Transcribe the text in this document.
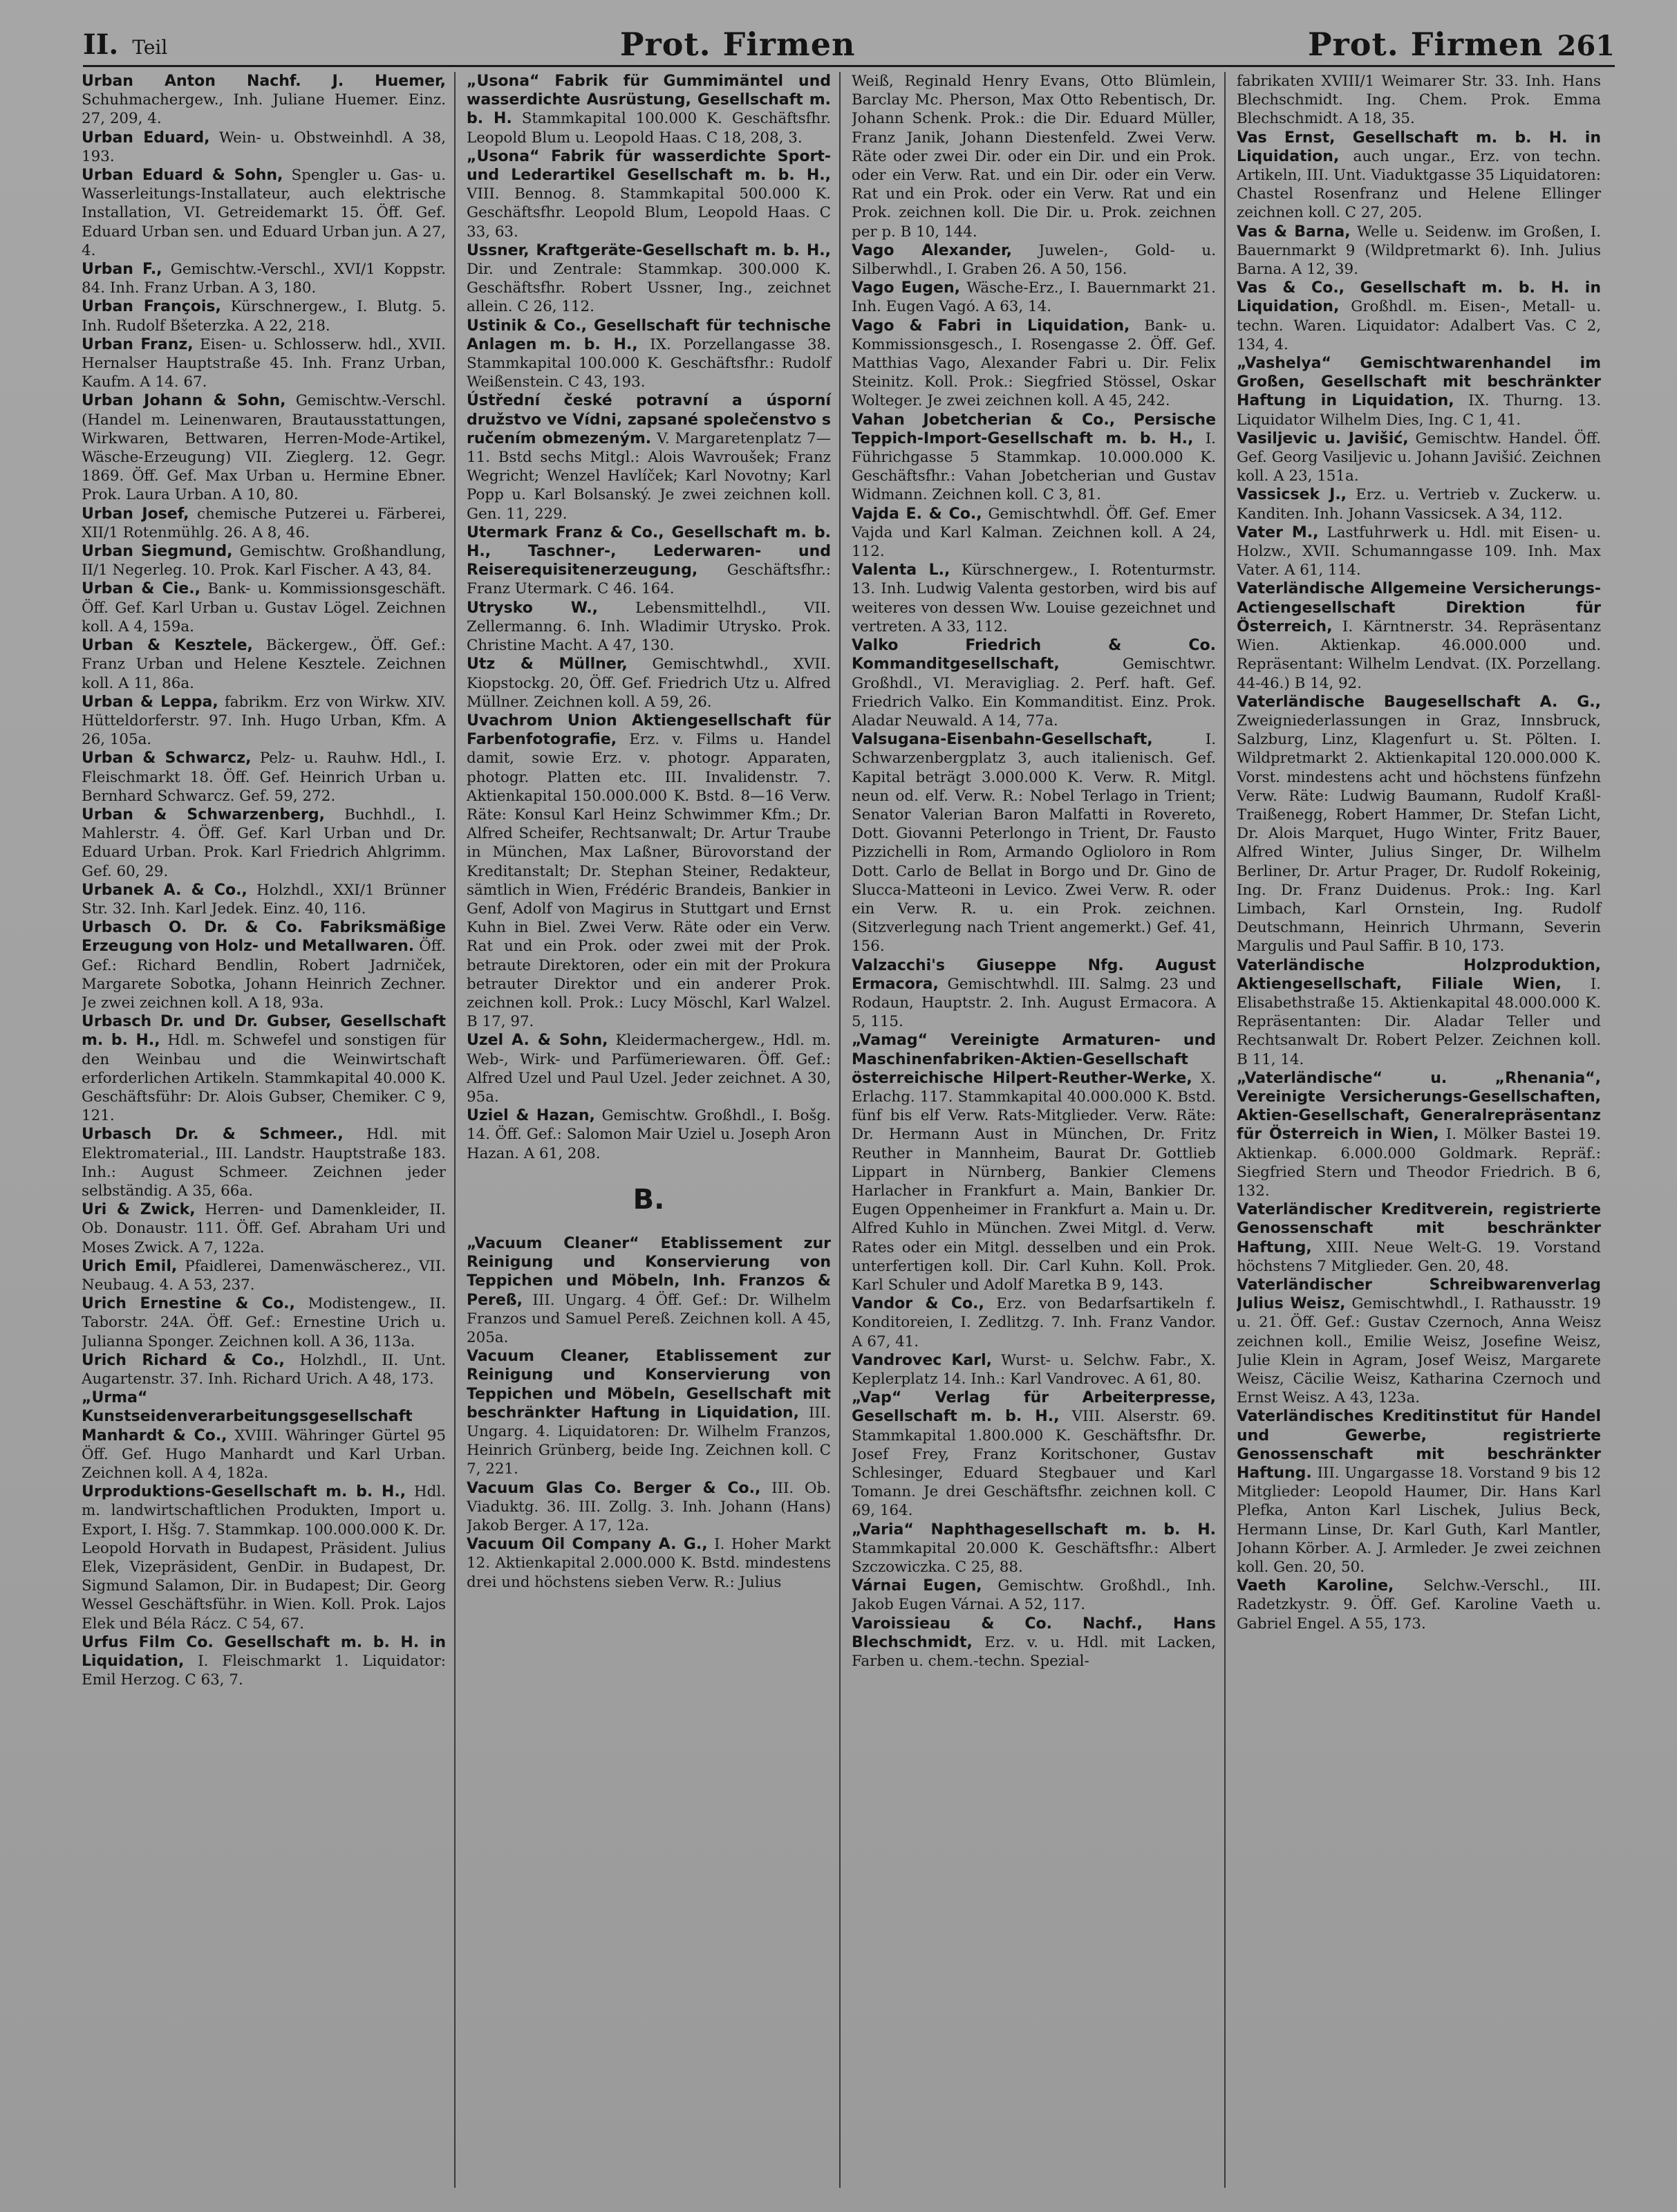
II. Teil	Prot. Firmen	Prot. Firmen 261

Urban Anton Nachf. J. Huemer, Schuhmachergew., Inh. Juliane Huemer. Einz. 27, 209, 4.

Urban Eduard, Wein- u. Obstweinhdl. A 38, 193.

Urban Eduard & Sohn, Spengler u. Gas- u. Wasserleitungs-Installateur, auch elektrische Installation, VI. Getreidemarkt 15. Öff. Gef. Eduard Urban sen. und Eduard Urban jun. A 27, 4.

Urban F., Gemischtw.-Verschl., XVI/1 Koppstr. 84. Inh. Franz Urban. A 3, 180.

Urban François, Kürschnergew., I. Blutg. 5. Inh. Rudolf Bšeterzka. A 22, 218.

Urban Franz, Eisen- u. Schlosserw. hdl., XVII. Hernalser Hauptstraße 45. Inh. Franz Urban, Kaufm. A 14. 67.

Urban Johann & Sohn, Gemischtw.-Verschl. (Handel m. Leinenwaren, Brautausstattungen, Wirkwaren, Bettwaren, Herren-Mode-Artikel, Wäsche-Erzeugung) VII. Zieglerg. 12. Gegr. 1869. Öff. Gef. Max Urban u. Hermine Ebner. Prok. Laura Urban. A 10, 80.

Urban Josef, chemische Putzerei u. Färberei, XII/1 Rotenmühlg. 26. A 8, 46.

Urban Siegmund, Gemischtw. Großhandlung, II/1 Negerleg. 10. Prok. Karl Fischer. A 43, 84.

Urban & Cie., Bank- u. Kommissionsgeschäft. Öff. Gef. Karl Urban u. Gustav Lögel. Zeichnen koll. A 4, 159a.

Urban & Kesztele, Bäckergew., Öff. Gef.: Franz Urban und Helene Kesztele. Zeichnen koll. A 11, 86a.

Urban & Leppa, fabrikm. Erz von Wirkw. XIV. Hütteldorferstr. 97. Inh. Hugo Urban, Kfm. A 26, 105a.

Urban & Schwarcz, Pelz- u. Rauhw. Hdl., I. Fleischmarkt 18. Öff. Gef. Heinrich Urban u. Bernhard Schwarcz. Gef. 59, 272.

Urban & Schwarzenberg, Buchhdl., I. Mahlerstr. 4. Öff. Gef. Karl Urban und Dr. Eduard Urban. Prok. Karl Friedrich Ahlgrimm. Gef. 60, 29.

Urbanek A. & Co., Holzhdl., XXI/1 Brünner Str. 32. Inh. Karl Jedek. Einz. 40, 116.

Urbasch O. Dr. & Co. Fabriksmäßige Erzeugung von Holz- und Metallwaren. Öff. Gef.: Richard Bendlin, Robert Jadrniček, Margarete Sobotka, Johann Heinrich Zechner. Je zwei zeichnen koll. A 18, 93a.

Urbasch Dr. und Dr. Gubser, Gesellschaft m. b. H., Hdl. m. Schwefel und sonstigen für den Weinbau und die Weinwirtschaft erforderlichen Artikeln. Stammkapital 40.000 K. Geschäftsführ: Dr. Alois Gubser, Chemiker. C 9, 121.

Urbasch Dr. & Schmeer., Hdl. mit Elektromaterial., III. Landstr. Hauptstraße 183. Inh.: August Schmeer. Zeichnen jeder selbständig. A 35, 66a.

Uri & Zwick, Herren- und Damenkleider, II. Ob. Donaustr. 111. Öff. Gef. Abraham Uri und Moses Zwick. A 7, 122a.

Urich Emil, Pfaidlerei, Damenwäscherez., VII. Neubaug. 4. A 53, 237.

Urich Ernestine & Co., Modistengew., II. Taborstr. 24A. Öff. Gef.: Ernestine Urich u. Julianna Sponger. Zeichnen koll. A 36, 113a.

Urich Richard & Co., Holzhdl., II. Unt. Augartenstr. 37. Inh. Richard Urich. A 48, 173.

„Urma“ Kunstseidenverarbeitungsgesellschaft Manhardt & Co., XVIII. Währinger Gürtel 95 Öff. Gef. Hugo Manhardt und Karl Urban. Zeichnen koll. A 4, 182a.

Urproduktions-Gesellschaft m. b. H., Hdl. m. landwirtschaftlichen Produkten, Import u. Export, I. Hšg. 7. Stammkap. 100.000.000 K. Dr. Leopold Horvath in Budapest, Präsident. Julius Elek, Vizepräsident, GenDir. in Budapest, Dr. Sigmund Salamon, Dir. in Budapest; Dir. Georg Wessel Geschäftsführ. in Wien. Koll. Prok. Lajos Elek und Béla Rácz. C 54, 67.

Urfus Film Co. Gesellschaft m. b. H. in Liquidation, I. Fleischmarkt 1. Liquidator: Emil Herzog. C 63, 7.

„Usona“ Fabrik für Gummimäntel und wasserdichte Ausrüstung, Gesellschaft m. b. H. Stammkapital 100.000 K. Geschäftsfhr. Leopold Blum u. Leopold Haas. C 18, 208, 3.

„Usona“ Fabrik für wasserdichte Sport- und Lederartikel Gesellschaft m. b. H., VIII. Bennog. 8. Stammkapital 500.000 K. Geschäftsfhr. Leopold Blum, Leopold Haas. C 33, 63.

Ussner, Kraftgeräte-Gesellschaft m. b. H., Dir. und Zentrale: Stammkap. 300.000 K. Geschäftsfhr. Robert Ussner, Ing., zeichnet allein. C 26, 112.

Ustinik & Co., Gesellschaft für technische Anlagen m. b. H., IX. Porzellangasse 38. Stammkapital 100.000 K. Geschäftsfhr.: Rudolf Weißenstein. C 43, 193.

Ústřední české potravní a úsporní družstvo ve Vídni, zapsané společenstvo s ručením obmezeným. V. Margaretenplatz 7—11. Bstd sechs Mitgl.: Alois Wavroušek; Franz Wegricht; Wenzel Havlíček; Karl Novotny; Karl Popp u. Karl Bolsanský. Je zwei zeichnen koll. Gen. 11, 229.

Utermark Franz & Co., Gesellschaft m. b. H., Taschner-, Lederwaren- und Reiserequisitenerzeugung, Geschäftsfhr.: Franz Utermark. C 46. 164.

Utrysko W.,	Lebensmittelhdl., VII. Zellermanng. 6. Inh. Wladimir Utrysko. Prok. Christine Macht. A 47, 130.

Utz & Müllner, Gemischtwhdl., XVII. Kiopstockg. 20, Öff. Gef. Friedrich Utz u. Alfred Müllner. Zeichnen koll. A 59, 26.

Uvachrom Union Aktiengesellschaft für Farbenfotografie, Erz. v. Films u. Handel damit, sowie Erz. v. photogr. Apparaten, photogr. Platten etc. III. Invalidenstr. 7. Aktienkapital 150.000.000 K. Bstd. 8—16 Verw. Räte: Konsul Karl Heinz Schwimmer Kfm.; Dr. Alfred Scheifer, Rechtsanwalt; Dr. Artur Traube in München, Max Laßner, Bürovorstand der Kreditanstalt; Dr. Stephan Steiner, Redakteur, sämtlich in Wien, Frédéric Brandeis, Bankier in Genf, Adolf von Magirus in Stuttgart und Ernst Kuhn in Biel. Zwei Verw. Räte oder ein Verw. Rat und ein Prok. oder zwei mit der Prok. betraute Direktoren, oder ein mit der Prokura betrauter Direktor und ein anderer Prok. zeichnen koll. Prok.: Lucy Möschl, Karl Walzel. B 17, 97.

Uzel A. & Sohn, Kleidermachergew., Hdl. m. Web-, Wirk- und Parfümeriewaren. Öff. Gef.: Alfred Uzel und Paul Uzel. Jeder zeichnet. A 30, 95a.

Uziel & Hazan, Gemischtw. Großhdl., I. Bošg. 14. Öff. Gef.: Salomon Mair Uziel u. Joseph Aron Hazan. A 61, 208.

B.

„Vacuum Cleaner“ Etablissement zur Reinigung und Konservierung von Teppichen und Möbeln, Inh. Franzos & Pereß, III. Ungarg. 4 Öff. Gef.: Dr. Wilhelm Franzos und Samuel Pereß. Zeichnen koll. A 45, 205a.

Vacuum Cleaner, Etablissement zur Reinigung und Konservierung von Teppichen und Möbeln, Gesellschaft mit beschränkter Haftung in Liquidation, III. Ungarg. 4. Liquidatoren: Dr. Wilhelm Franzos, Heinrich Grünberg, beide Ing. Zeichnen koll. C 7, 221.

Vacuum Glas Co. Berger & Co., III. Ob. Viaduktg. 36. III. Zollg. 3. Inh. Johann (Hans) Jakob Berger. A 17, 12a.

Vacuum Oil Company A. G., I. Hoher Markt 12. Aktienkapital 2.000.000 K. Bstd. mindestens drei und höchstens sieben Verw. R.: Julius

Weiß, Reginald Henry Evans, Otto Blümlein, Barclay Mc. Pherson, Max Otto Rebentisch, Dr. Johann Schenk. Prok.: die Dir. Eduard Müller, Franz Janik, Johann Diestenfeld. Zwei Verw. Räte oder zwei Dir. oder ein Dir. und ein Prok. oder ein Verw. Rat. und ein Dir. oder ein Verw. Rat und ein Prok. oder ein Verw. Rat und ein Prok. zeichnen koll. Die Dir. u. Prok. zeichnen per p. B 10, 144.

Vago Alexander, Juwelen-, Gold- u. Silberwhdl., I. Graben 26. A 50, 156.

Vago Eugen, Wäsche-Erz., I. Bauernmarkt 21. Inh. Eugen Vagó. A 63, 14.

Vago & Fabri in Liquidation, Bank- u. Kommissionsgesch., I. Rosengasse 2. Öff. Gef. Matthias Vago, Alexander Fabri u. Dir. Felix Steinitz. Koll. Prok.: Siegfried Stössel, Oskar Wolteger. Je zwei zeichnen koll. A 45, 242.

Vahan Jobetcherian & Co., Persische Teppich-Import-Gesellschaft m. b. H., I. Führichgasse 5 Stammkap. 10.000.000 K. Geschäftsfhr.: Vahan Jobetcherian und Gustav Widmann. Zeichnen koll. C 3, 81.

Vajda E. & Co., Gemischtwhdl. Öff. Gef. Emer Vajda und Karl Kalman. Zeichnen koll. A 24, 112.

Valenta L., Kürschnergew., I. Rotenturmstr. 13. Inh. Ludwig Valenta gestorben, wird bis auf weiteres von dessen Ww. Louise gezeichnet und vertreten. A 33, 112.

Valko Friedrich & Co. Kommanditgesellschaft,	Gemischtwr. Großhdl., VI. Meravigliag. 2. Perf. haft. Gef. Friedrich Valko. Ein Kommanditist. Einz. Prok. Aladar Neuwald. A 14, 77a.

Valsugana-Eisenbahn-Gesellschaft,	I. Schwarzenbergplatz 3, auch italienisch. Gef. Kapital beträgt 3.000.000 K. Verw. R. Mitgl. neun od. elf. Verw. R.: Nobel Terlago in Trient; Senator Valerian Baron Malfatti in Rovereto, Dott. Giovanni Peterlongo in Trient, Dr. Fausto Pizzichelli in Rom, Armando Oglioloro in Rom Dott. Carlo de Bellat in Borgo und Dr. Gino de Slucca-Matteoni in Levico. Zwei Verw. R. oder ein Verw. R. u. ein Prok. zeichnen. (Sitzverlegung nach Trient angemerkt.) Gef. 41, 156.

Valzacchi's Giuseppe Nfg. August Ermacora, Gemischtwhdl. III. Salmg. 23 und Rodaun, Hauptstr. 2. Inh. August Ermacora. A 5, 115.

„Vamag“ Vereinigte Armaturen- und Maschinenfabriken-Aktien-Gesellschaft österreichische Hilpert-Reuther-Werke, X. Erlachg. 117. Stammkapital 40.000.000 K. Bstd. fünf bis elf Verw. Rats-Mitglieder. Verw. Räte: Dr. Hermann Aust in München, Dr. Fritz Reuther in Mannheim, Baurat Dr. Gottlieb Lippart in Nürnberg, Bankier Clemens Harlacher in Frankfurt a. Main, Bankier Dr. Eugen Oppenheimer in Frankfurt a. Main u. Dr. Alfred Kuhlo in München. Zwei Mitgl. d. Verw. Rates oder ein Mitgl. desselben und ein Prok. unterfertigen koll. Dir. Carl Kuhn. Koll. Prok. Karl Schuler und Adolf Maretka B 9, 143.

Vandor & Co., Erz. von Bedarfsartikeln f. Konditoreien, I. Zedlitzg. 7. Inh. Franz Vandor. A 67, 41.

Vandrovec Karl, Wurst- u. Selchw. Fabr., X. Keplerplatz 14. Inh.: Karl Vandrovec. A 61, 80.

„Vap“ Verlag für Arbeiterpresse, Gesellschaft m. b. H., VIII. Alserstr. 69. Stammkapital 1.800.000 K. Geschäftsfhr. Dr. Josef Frey, Franz Koritschoner, Gustav Schlesinger, Eduard Stegbauer und Karl Tomann. Je drei Geschäftsfhr. zeichnen koll. C 69, 164.

„Varia“ Naphthagesellschaft m. b. H. Stammkapital 20.000 K. Geschäftsfhr.: Albert Szczowiczka. C 25, 88.

Várnai Eugen, Gemischtw. Großhdl., Inh. Jakob Eugen Várnai. A 52, 117.

Varoissieau & Co. Nachf., Hans Blechschmidt, Erz. v. u. Hdl. mit Lacken, Farben u. chem.-techn. Spezial-

fabrikaten XVIII/1 Weimarer Str. 33. Inh. Hans Blechschmidt. Ing. Chem. Prok. Emma Blechschmidt. A 18, 35.

Vas Ernst, Gesellschaft m. b. H. in Liquidation, auch ungar., Erz. von techn. Artikeln, III. Unt. Viaduktgasse 35 Liquidatoren: Chastel Rosenfranz und Helene Ellinger zeichnen koll. C 27, 205.

Vas & Barna, Welle u. Seidenw. im Großen, I. Bauernmarkt 9 (Wildpretmarkt 6). Inh. Julius Barna. A 12, 39.

Vas & Co., Gesellschaft m. b. H. in Liquidation, Großhdl. m. Eisen-, Metall- u. techn. Waren. Liquidator: Adalbert Vas. C 2, 134, 4.

„Vashelya“ Gemischtwarenhandel im Großen, Gesellschaft mit beschränkter Haftung in Liquidation, IX. Thurng. 13. Liquidator Wilhelm Dies, Ing. C 1, 41.

Vasiljevic u. Javišić, Gemischtw. Handel. Öff. Gef. Georg Vasiljevic u. Johann Javišić. Zeichnen koll. A 23, 151a.

Vassicsek J., Erz. u. Vertrieb v. Zuckerw. u. Kanditen. Inh. Johann Vassicsek. A 34, 112.

Vater M., Lastfuhrwerk u. Hdl. mit Eisen- u. Holzw., XVII. Schumanngasse 109. Inh. Max Vater. A 61, 114.

Vaterländische Allgemeine Versicherungs-Actiengesellschaft Direktion für Österreich, I. Kärntnerstr. 34. Repräsentanz Wien. Aktienkap. 46.000.000 und. Repräsentant: Wilhelm Lendvat. (IX. Porzellang. 44-46.) B 14, 92.

Vaterländische Baugesellschaft A. G., Zweigniederlassungen in Graz, Innsbruck, Salzburg, Linz, Klagenfurt u. St. Pölten. I. Wildpretmarkt 2. Aktienkapital 120.000.000 K. Vorst. mindestens acht und höchstens fünfzehn Verw. Räte: Ludwig Baumann, Rudolf Kraßl-Traißenegg, Robert Hammer, Dr. Stefan Licht, Dr. Alois Marquet, Hugo Winter, Fritz Bauer, Alfred Winter, Julius Singer, Dr. Wilhelm Berliner, Dr. Artur Prager, Dr. Rudolf Rokeinig, Ing. Dr. Franz Duidenus. Prok.: Ing. Karl Limbach, Karl Ornstein, Ing. Rudolf Deutschmann, Heinrich Uhrmann, Severin Margulis und Paul Saffir. B 10, 173.

Vaterländische Holzproduktion, Aktiengesellschaft, Filiale Wien, I. Elisabethstraße 15. Aktienkapital 48.000.000 K. Repräsentanten: Dir. Aladar Teller und Rechtsanwalt Dr. Robert Pelzer. Zeichnen koll. B 11, 14.

„Vaterländische“ u. „Rhenania“, Vereinigte Versicherungs-Gesellschaften, Aktien-Gesellschaft, Generalrepräsentanz für Österreich in Wien, I. Mölker Bastei 19. Aktienkap. 6.000.000 Goldmark. Repräf.: Siegfried Stern und Theodor Friedrich. B 6, 132.

Vaterländischer Kreditverein, registrierte Genossenschaft mit beschränkter Haftung, XIII. Neue Welt-G. 19. Vorstand höchstens 7 Mitglieder. Gen. 20, 48.

Vaterländischer Schreibwarenverlag Julius Weisz, Gemischtwhdl., I. Rathausstr. 19 u. 21. Öff. Gef.: Gustav Czernoch, Anna Weisz zeichnen koll., Emilie Weisz, Josefine Weisz, Julie Klein in Agram, Josef Weisz, Margarete Weisz, Cäcilie Weisz, Katharina Czernoch und Ernst Weisz. A 43, 123a.

Vaterländisches Kreditinstitut für Handel und Gewerbe, registrierte Genossenschaft mit beschränkter Haftung. III. Ungargasse 18. Vorstand 9 bis 12 Mitglieder: Leopold Haumer, Dir. Hans Karl Plefka, Anton Karl Lischek, Julius Beck, Hermann Linse, Dr. Karl Guth, Karl Mantler, Johann Körber. A. J. Armleder. Je zwei zeichnen koll. Gen. 20, 50.

Vaeth Karoline, Selchw.-Verschl., III. Radetzkystr. 9. Öff. Gef. Karoline Vaeth u. Gabriel Engel. A 55, 173.
